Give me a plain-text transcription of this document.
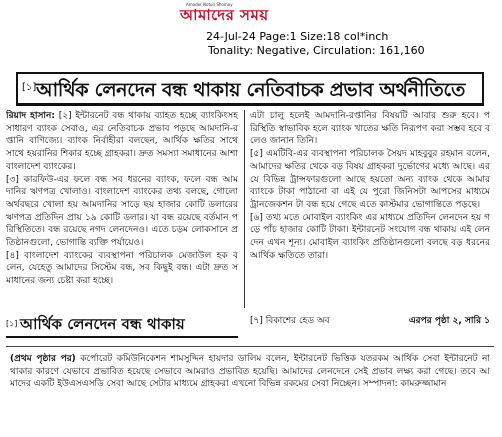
Amader Notun Shomoy
আমাদের সময়
24-Jul-24 Page:1 Size:18 col*inch
Tonality: Negative, Circulation: 161,160
[১] আর্থিক লেনদেন বন্ধ থাকায় নেতিবাচক প্রভাব অর্থনীতিতে

রিয়াদ হাসান: [২] ইন্টারনেট বন্ধ থাকায় ব্যাহত হচ্ছে ব্যাংকিংসহ সাধারণ ব্যাংক সেবাও, এর নেতিবাচক প্রভাব পড়ছে আমদানি-রপ্তানি বাণিজ্যে। ব্যাংক নির্বাহীরা বলছেন, আর্থিক ক্ষতির সাথে সাথে হয়রানির শিকার হচ্ছে গ্রাহকরা। দ্রুত সমস্যা সমাধানের আশা বাংলাদেশ ব্যাংকের।

[৩] কারফিউ-এর ফলে বন্ধ সব ধরনের ব্যাংক, ফলে বন্ধ আমদানির ঋণপত্র খোলাও। বাংলাদেশ ব্যাংকের তথ্য বলছে, গোলো অর্থবছরে খোলা হয় আমদানির সাড়ে ছয় হাজার কোটি ডলারের ঋণপত্র প্রতিদিন প্রায় ১৯ কোটি ডলার। যা বন্ধ রয়েছে বর্তমান পরিস্থিতিতে। বন্ধ রয়েছে নগদ লেনদেনও। এতে চড়ম লোকসানে প্রতিষ্ঠানগুলো, ভোগান্তি ব্যক্তি পর্যায়েও।

[৪] বাংলাদেশ ব্যাংকের ব্যবস্থাপনা পরিচালক মেজাউল হক বলেন, যেহেতু আমাদের সিস্টেম বন্ধ, সব কিছুই বন্ধ। এটা দ্রুত সমাধানের জন্য চেষ্টা করা হচ্ছে।

এটা চালু হলেই আমদানি-রপ্তানির বিষয়টি আবার শুরু হবে। পরিস্থিতি স্বাভাবিক হলে ব্যাংক খাতের ক্ষতি নিরূপণ করা সম্ভব হবে বলেও জানান তিনি।

[৫] এমটিবি-এর ব্যবস্থাপনা পরিচালক সৈয়দ মাহবুবুর রহমান বলেন, আমাদের ক্ষতির থেকে বড় বিষয় গ্রাহকরা দুর্ভোগের মধ্যে আছে। এর যে বিভিন্ন ট্রান্সফারগুলো আছে হয়তো অন্য ব্যাংক থেকে আমার ব্যাংকে টাকা পাঠানো বা এই যে পুরো জিনিসটা আপসের মাধ্যমে ট্রানজেকশন টা বন্ধ হয়ে গেছে এতে কাস্টমার ভোগান্তিতে পড়ছে।

[৬] তথ্য মতে মোবাইল ব্যাংকিং এর মাধ্যমে প্রতিদিন লেনদেন হয় গড়ে পাঁচ হাজার কোটি টাকা। ইন্টারনেট সংযোগ বন্ধ থাকায় এই লেনদেন এখন শূন্য। মোবাইল ব্যাংকিং প্রতিষ্ঠানগুলো বলছে বড় ধরনের আর্থিক ক্ষতিতে তারা।

[১] আর্থিক লেনদেন বন্ধ থাকায়	[৭] বিকাশের হেড অব	এরপর পৃষ্ঠা ২, সারি ১

(প্রথম পৃষ্ঠার পর) কর্পোরেট কমিউনিকেশন শামসুদ্দিন হায়দার ডালিম বলেন, ইন্টারনেট ভিত্তিক যতরকম আর্থিক সেবা ইন্টারনেট না থাকার কারণে যেভাবে প্রভাবিত হয়েছে সেভাবে আমরাও প্রভাবিত হয়েছি। আমাদের লেনদেনে সেই প্রভাব লক্ষ্য করা গেছে। তবে আমাদের একটি ইউএসএসডি সেবা আছে সেটার মাধ্যমে গ্রাহকরা এখনো বিভিন্ন রকমের সেবা নিচ্ছেন। সম্পাদনা: কামরুজ্জামান
